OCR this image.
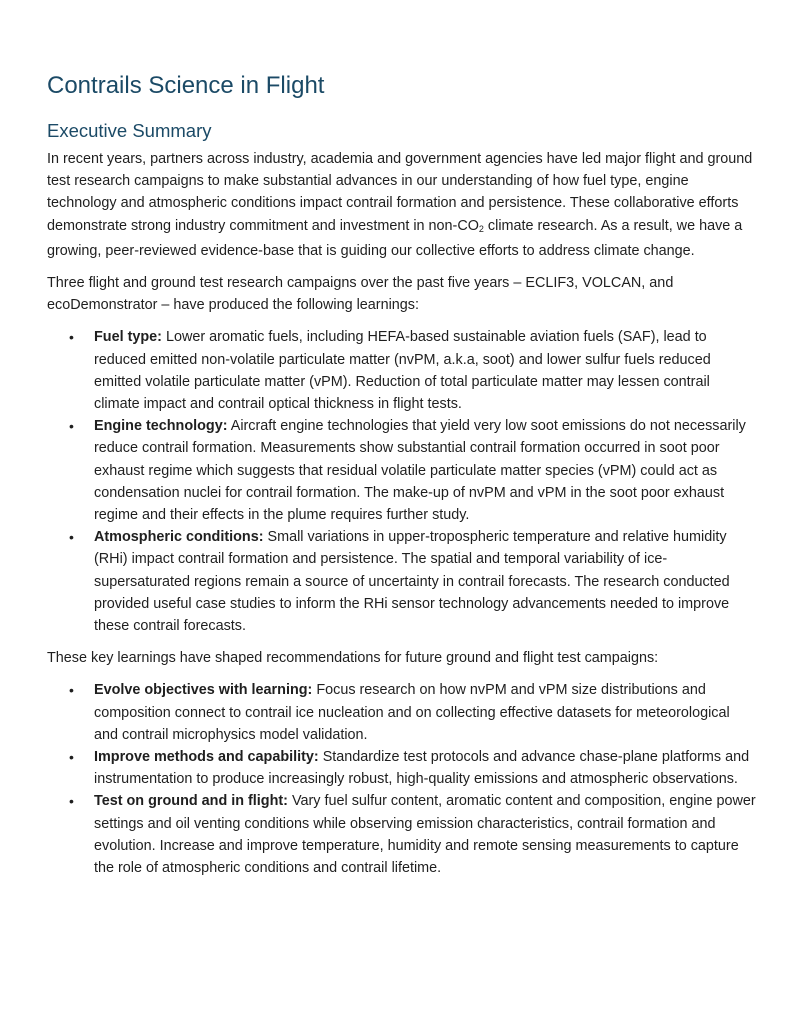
Contrails Science in Flight
Executive Summary

In recent years, partners across industry, academia and government agencies have led major flight and ground test research campaigns to make substantial advances in our understanding of how fuel type, engine technology and atmospheric conditions impact contrail formation and persistence. These collaborative efforts demonstrate strong industry commitment and investment in non-$CO_2$ climate research. As a result, we have a growing, peer-reviewed evidence-base that is guiding our collective efforts to address climate change.

Three flight and ground test research campaigns over the past five years – ECLIF3, VOLCAN, and ecoDemonstrator – have produced the following learnings:

• Fuel type: Lower aromatic fuels, including HEFA-based sustainable aviation fuels (SAF), lead to reduced emitted non-volatile particulate matter (nvPM, a.k.a, soot) and lower sulfur fuels reduced emitted volatile particulate matter (vPM). Reduction of total particulate matter may lessen contrail climate impact and contrail optical thickness in flight tests.
• Engine technology: Aircraft engine technologies that yield very low soot emissions do not necessarily reduce contrail formation. Measurements show substantial contrail formation occurred in soot poor exhaust regime which suggests that residual volatile particulate matter species (vPM) could act as condensation nuclei for contrail formation. The make-up of nvPM and vPM in the soot poor exhaust regime and their effects in the plume requires further study.
• Atmospheric conditions: Small variations in upper-tropospheric temperature and relative humidity (RHi) impact contrail formation and persistence. The spatial and temporal variability of ice-supersaturated regions remain a source of uncertainty in contrail forecasts. The research conducted provided useful case studies to inform the RHi sensor technology advancements needed to improve these contrail forecasts.

These key learnings have shaped recommendations for future ground and flight test campaigns:

• Evolve objectives with learning: Focus research on how nvPM and vPM size distributions and composition connect to contrail ice nucleation and on collecting effective datasets for meteorological and contrail microphysics model validation.
• Improve methods and capability: Standardize test protocols and advance chase-plane platforms and instrumentation to produce increasingly robust, high-quality emissions and atmospheric observations.
• Test on ground and in flight: Vary fuel sulfur content, aromatic content and composition, engine power settings and oil venting conditions while observing emission characteristics, contrail formation and evolution. Increase and improve temperature, humidity and remote sensing measurements to capture the role of atmospheric conditions and contrail lifetime.
